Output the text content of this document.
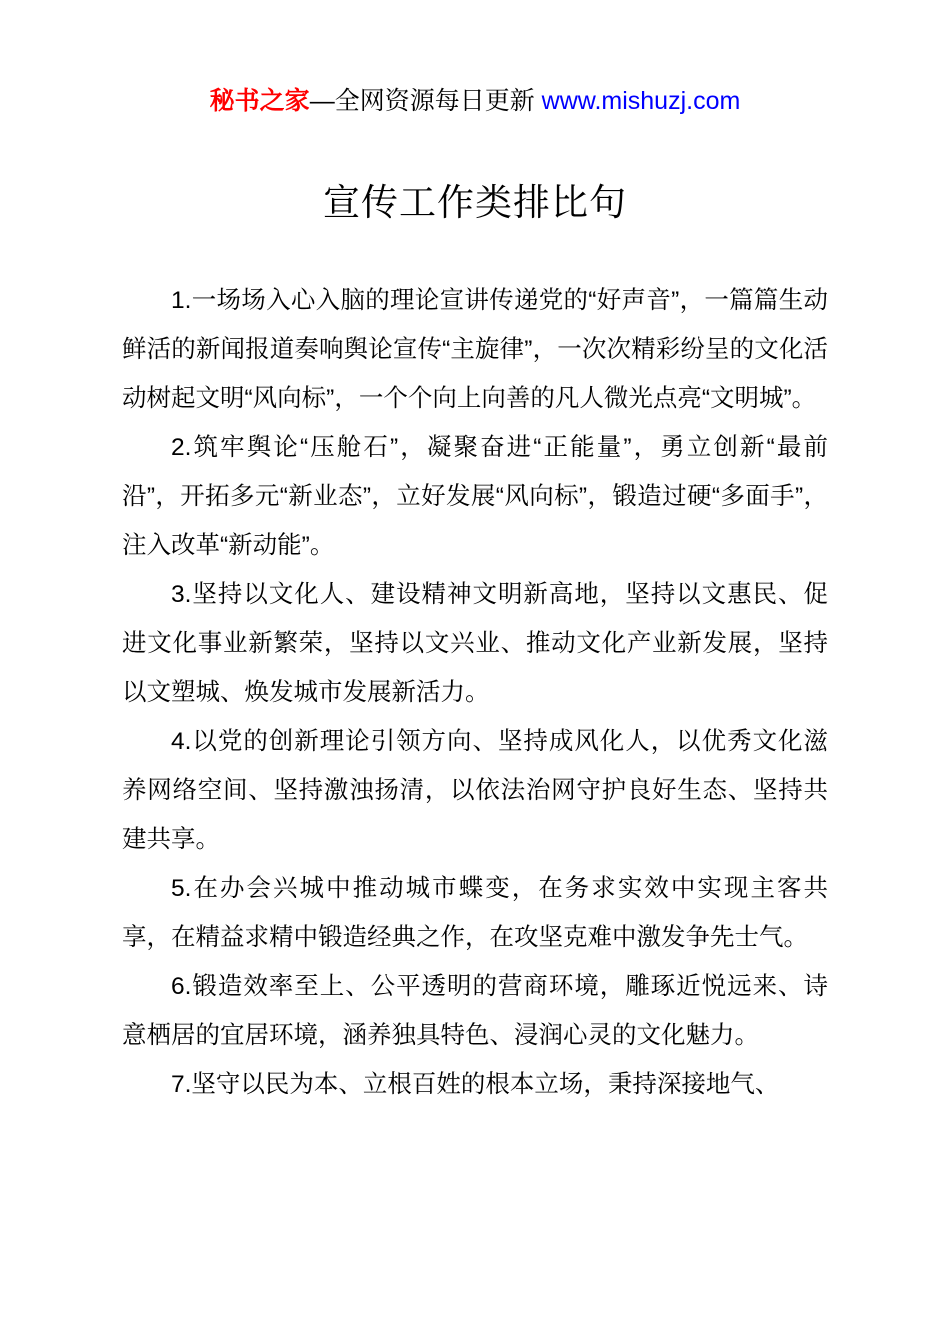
秘书之家—全网资源每日更新 www.mishuzj.com
宣传工作类排比句

1.一场场入心入脑的理论宣讲传递党的“好声音”，一篇篇生动鲜活的新闻报道奏响舆论宣传“主旋律”，一次次精彩纷呈的文化活动树起文明“风向标”，一个个向上向善的凡人微光点亮“文明城”。

2.筑牢舆论“压舱石”，凝聚奋进“正能量”，勇立创新“最前沿”，开拓多元“新业态”，立好发展“风向标”，锻造过硬“多面手”，注入改革“新动能”。

3.坚持以文化人、建设精神文明新高地，坚持以文惠民、促进文化事业新繁荣，坚持以文兴业、推动文化产业新发展，坚持以文塑城、焕发城市发展新活力。

4.以党的创新理论引领方向、坚持成风化人，以优秀文化滋养网络空间、坚持激浊扬清，以依法治网守护良好生态、坚持共建共享。

5.在办会兴城中推动城市蝶变，在务求实效中实现主客共享，在精益求精中锻造经典之作，在攻坚克难中激发争先士气。

6.锻造效率至上、公平透明的营商环境，雕琢近悦远来、诗意栖居的宜居环境，涵养独具特色、浸润心灵的文化魅力。

7.坚守以民为本、立根百姓的根本立场，秉持深接地气、
